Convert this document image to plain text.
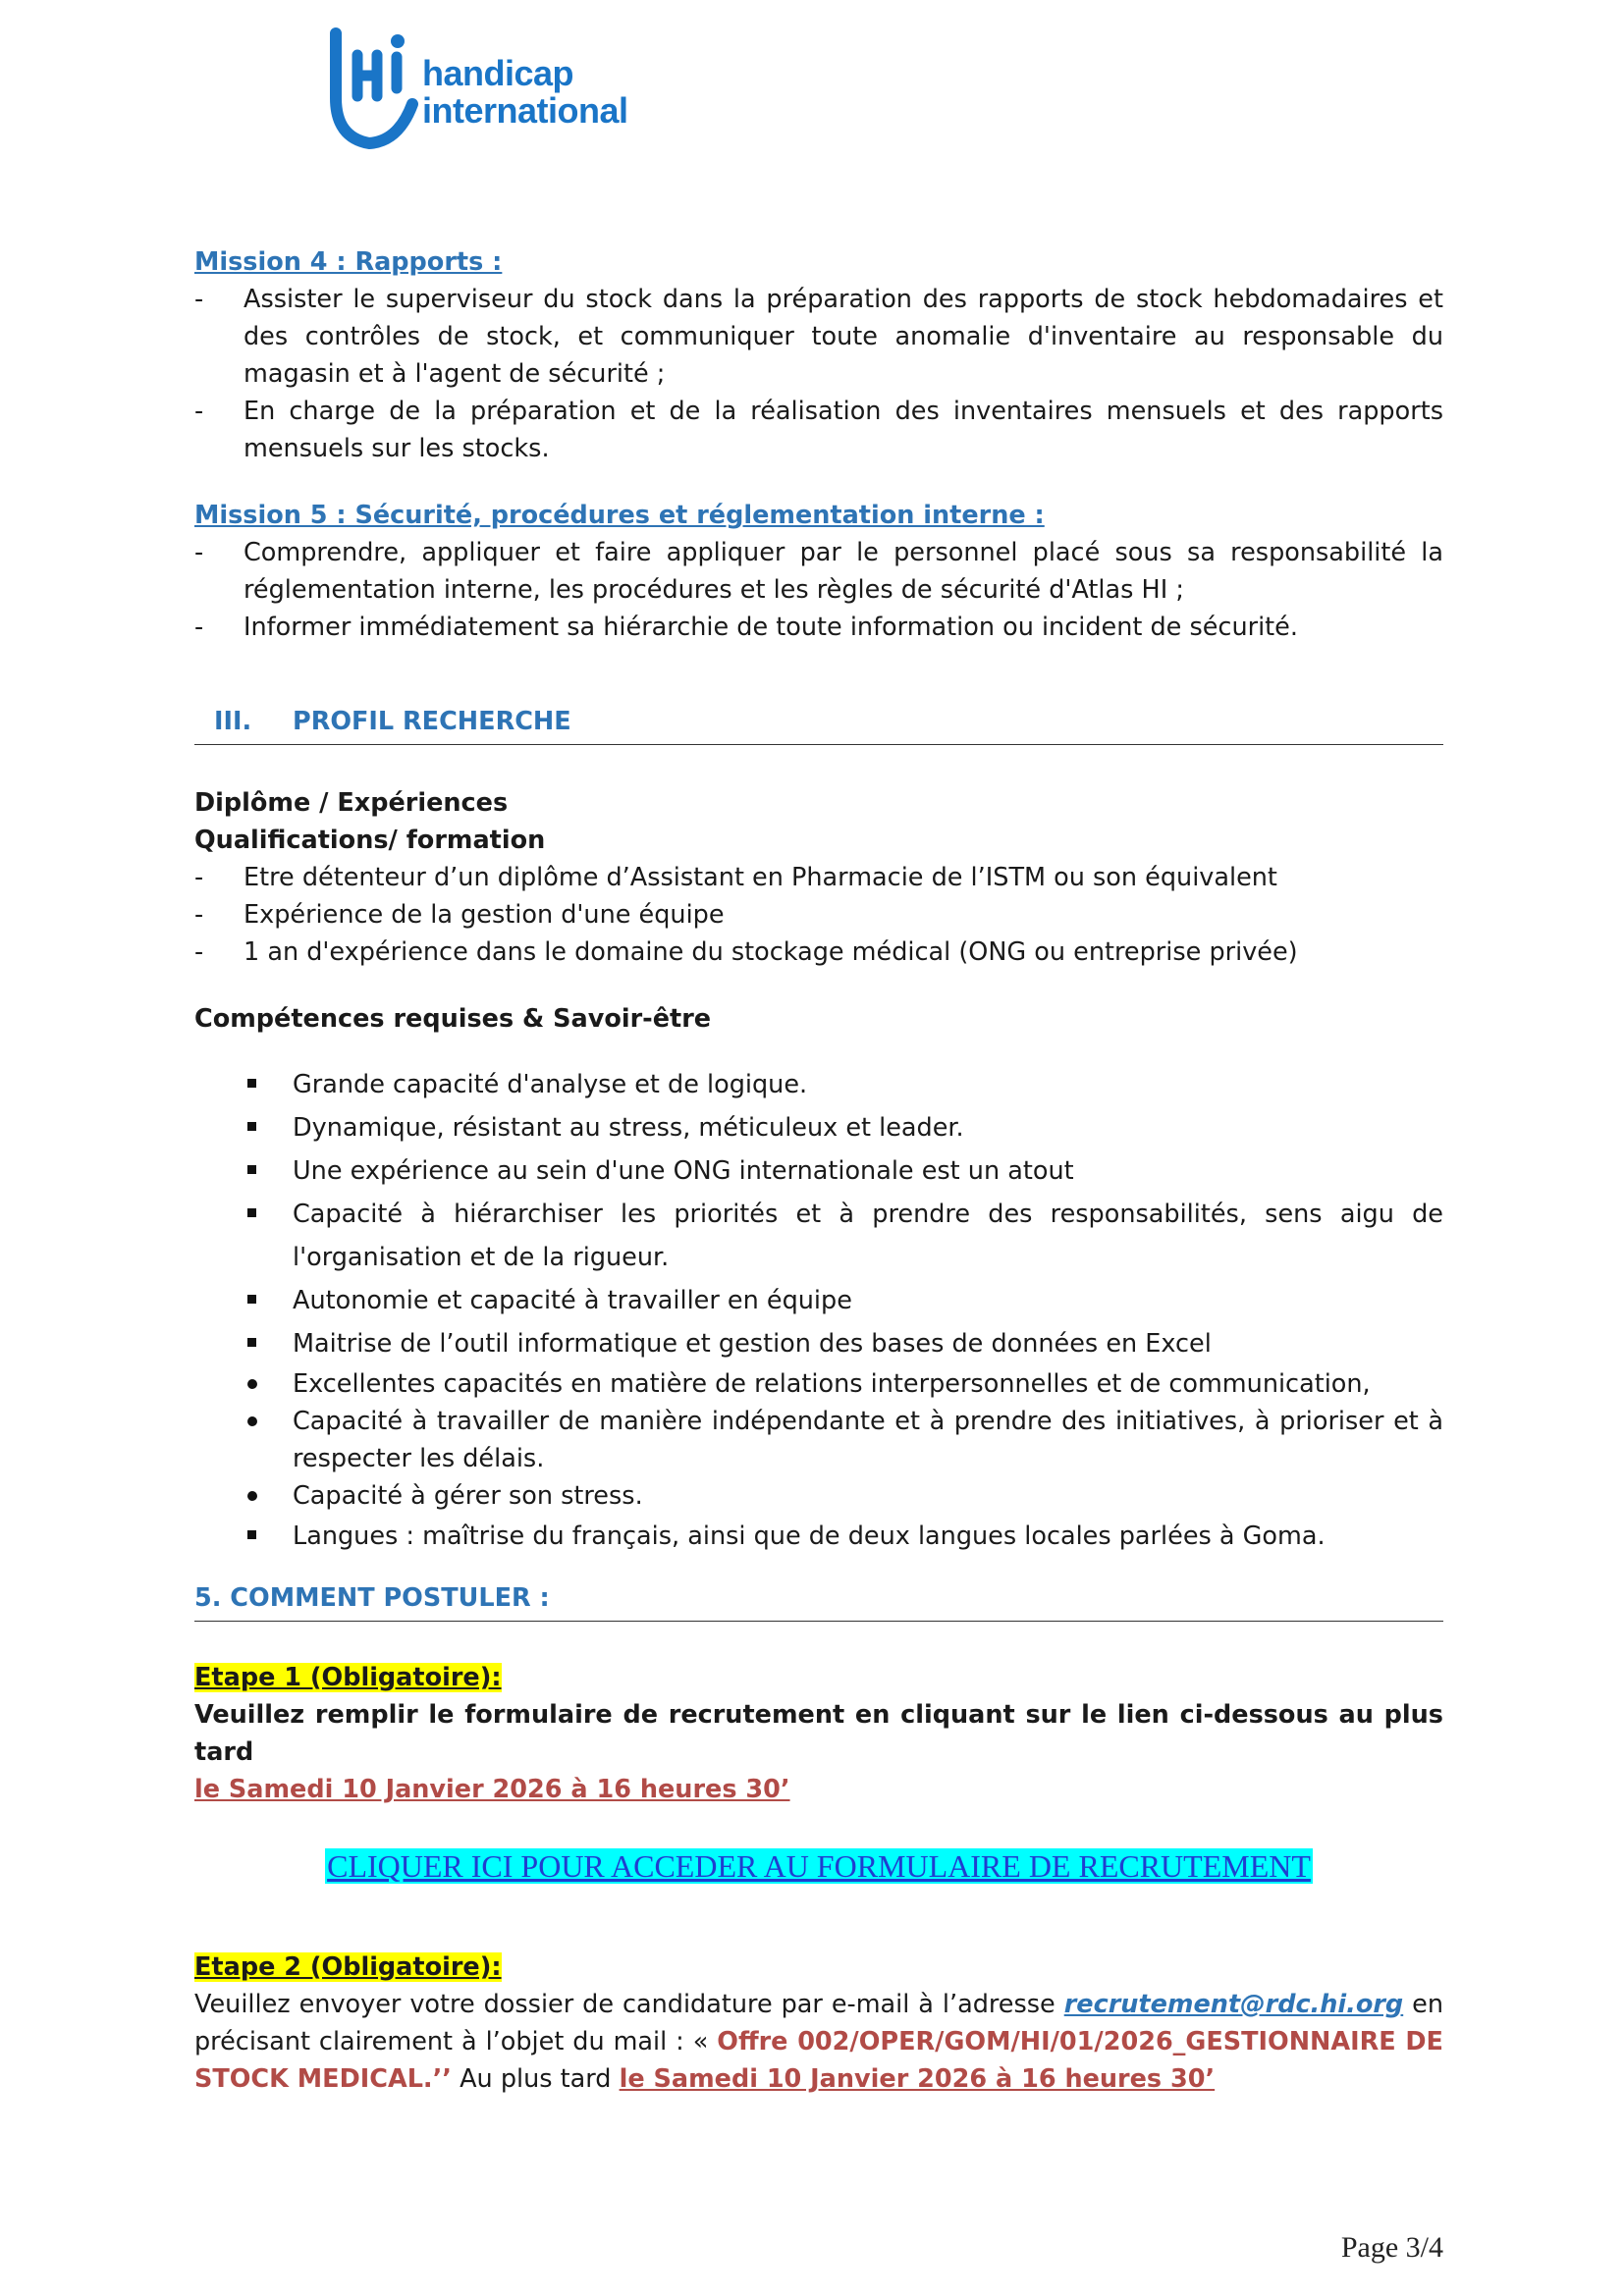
handicap
international

Mission 4 : Rapports :

- Assister le superviseur du stock dans la préparation des rapports de stock hebdomadaires et des contrôles de stock, et communiquer toute anomalie d'inventaire au responsable du magasin et à l'agent de sécurité ;
- En charge de la préparation et de la réalisation des inventaires mensuels et des rapports mensuels sur les stocks.

Mission 5 : Sécurité, procédures et réglementation interne :

- Comprendre, appliquer et faire appliquer par le personnel placé sous sa responsabilité la réglementation interne, les procédures et les règles de sécurité d'Atlas HI ;
- Informer immédiatement sa hiérarchie de toute information ou incident de sécurité.
III. PROFIL RECHERCHE

Diplôme / Expériences

Qualifications/ formation

- Etre détenteur d’un diplôme d’Assistant en Pharmacie de l’ISTM ou son équivalent
- Expérience de la gestion d'une équipe
- 1 an d'expérience dans le domaine du stockage médical (ONG ou entreprise privée)

Compétences requises & Savoir-être

Grande capacité d'analyse et de logique.
Dynamique, résistant au stress, méticuleux et leader.
Une expérience au sein d'une ONG internationale est un atout
Capacité à hiérarchiser les priorités et à prendre des responsabilités, sens aigu de l'organisation et de la rigueur.
Autonomie et capacité à travailler en équipe
Maitrise de l’outil informatique et gestion des bases de données en Excel
Excellentes capacités en matière de relations interpersonnelles et de communication,
Capacité à travailler de manière indépendante et à prendre des initiatives, à prioriser et à respecter les délais.
Capacité à gérer son stress.
Langues : maîtrise du français, ainsi que de deux langues locales parlées à Goma.
5. COMMENT POSTULER :

Etape 1 (Obligatoire):

Veuillez remplir le formulaire de recrutement en cliquant sur le lien ci-dessous au plus tard

le Samedi 10 Janvier 2026 à 16 heures 30’

CLIQUER ICI POUR ACCEDER AU FORMULAIRE DE RECRUTEMENT

Etape 2 (Obligatoire):

Veuillez envoyer votre dossier de candidature par e-mail à l’adresse recrutement@rdc.hi.org en précisant clairement à l’objet du mail : « Offre 002/OPER/GOM/HI/01/2026_GESTIONNAIRE DE STOCK MEDICAL.’’ Au plus tard le Samedi 10 Janvier 2026 à 16 heures 30’

Page 3/4
